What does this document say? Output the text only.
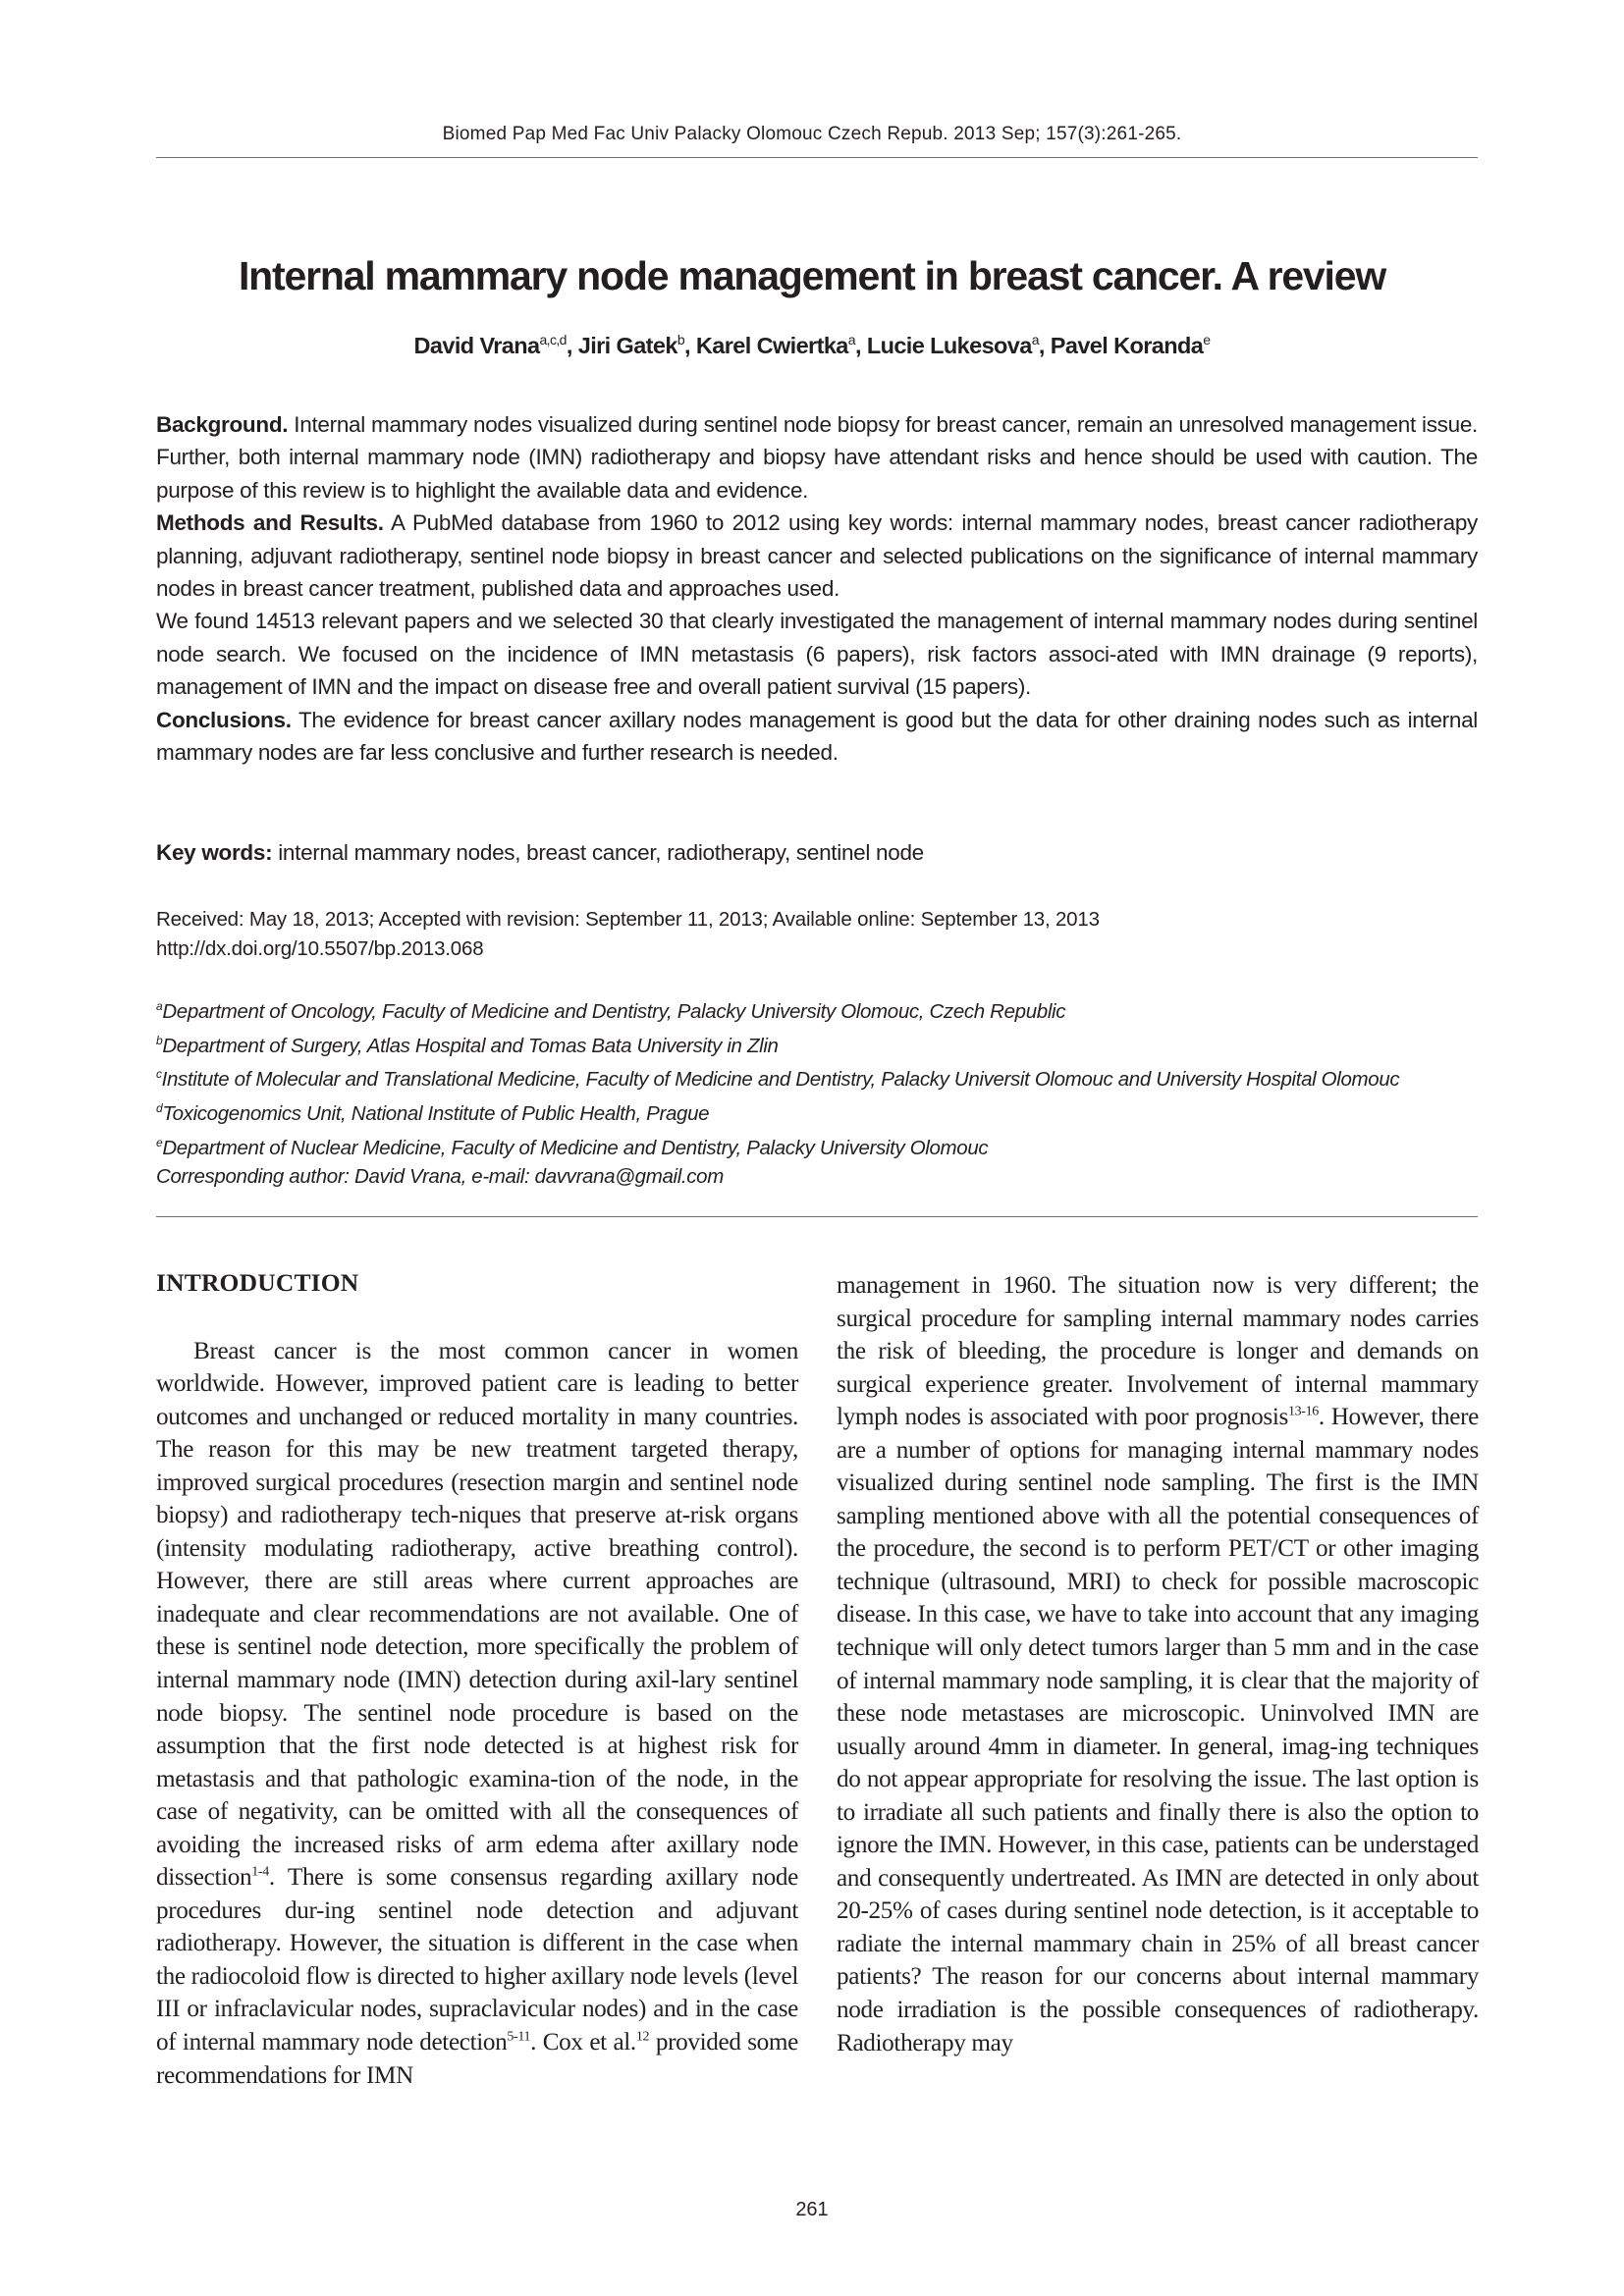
Biomed Pap Med Fac Univ Palacky Olomouc Czech Repub. 2013 Sep; 157(3):261-265.
Internal mammary node management in breast cancer. A review
David Vrana$^{a,c,d}$, Jiri Gatek$^b$, Karel Cwiertka$^a$, Lucie Lukesova$^a$, Pavel Koranda$^e$

Background. Internal mammary nodes visualized during sentinel node biopsy for breast cancer, remain an unresolved management issue. Further, both internal mammary node (IMN) radiotherapy and biopsy have attendant risks and hence should be used with caution. The purpose of this review is to highlight the available data and evidence.

Methods and Results. A PubMed database from 1960 to 2012 using key words: internal mammary nodes, breast cancer radiotherapy planning, adjuvant radiotherapy, sentinel node biopsy in breast cancer and selected publications on the significance of internal mammary nodes in breast cancer treatment, published data and approaches used.

We found 14513 relevant papers and we selected 30 that clearly investigated the management of internal mammary nodes during sentinel node search. We focused on the incidence of IMN metastasis (6 papers), risk factors associ-ated with IMN drainage (9 reports), management of IMN and the impact on disease free and overall patient survival (15 papers).

Conclusions. The evidence for breast cancer axillary nodes management is good but the data for other draining nodes such as internal mammary nodes are far less conclusive and further research is needed.

Key words: internal mammary nodes, breast cancer, radiotherapy, sentinel node
Received: May 18, 2013; Accepted with revision: September 11, 2013; Available online: September 13, 2013
http://dx.doi.org/10.5507/bp.2013.068
$^a$Department of Oncology, Faculty of Medicine and Dentistry, Palacky University Olomouc, Czech Republic
$^b$Department of Surgery, Atlas Hospital and Tomas Bata University in Zlin
$^c$Institute of Molecular and Translational Medicine, Faculty of Medicine and Dentistry, Palacky Universit Olomouc and University Hospital Olomouc
$^d$Toxicogenomics Unit, National Institute of Public Health, Prague
$^e$Department of Nuclear Medicine, Faculty of Medicine and Dentistry, Palacky University Olomouc
Corresponding author: David Vrana, e-mail: davvrana@gmail.com
INTRODUCTION

Breast cancer is the most common cancer in women worldwide. However, improved patient care is leading to better outcomes and unchanged or reduced mortality in many countries. The reason for this may be new treatment targeted therapy, improved surgical procedures (resection margin and sentinel node biopsy) and radiotherapy tech-niques that preserve at-risk organs (intensity modulating radiotherapy, active breathing control). However, there are still areas where current approaches are inadequate and clear recommendations are not available. One of these is sentinel node detection, more specifically the problem of internal mammary node (IMN) detection during axil-lary sentinel node biopsy. The sentinel node procedure is based on the assumption that the first node detected is at highest risk for metastasis and that pathologic examina-tion of the node, in the case of negativity, can be omitted with all the consequences of avoiding the increased risks of arm edema after axillary node dissection$^{1-4}$. There is some consensus regarding axillary node procedures dur-ing sentinel node detection and adjuvant radiotherapy. However, the situation is different in the case when the radiocoloid flow is directed to higher axillary node levels (level III or infraclavicular nodes, supraclavicular nodes) and in the case of internal mammary node detection$^{5-11}$. Cox et al.$^{12}$ provided some recommendations for IMN

management in 1960. The situation now is very different; the surgical procedure for sampling internal mammary nodes carries the risk of bleeding, the procedure is longer and demands on surgical experience greater. Involvement of internal mammary lymph nodes is associated with poor prognosis$^{13-16}$. However, there are a number of options for managing internal mammary nodes visualized during sentinel node sampling. The first is the IMN sampling mentioned above with all the potential consequences of the procedure, the second is to perform PET/CT or other imaging technique (ultrasound, MRI) to check for possible macroscopic disease. In this case, we have to take into account that any imaging technique will only detect tumors larger than 5 mm and in the case of internal mammary node sampling, it is clear that the majority of these node metastases are microscopic. Uninvolved IMN are usually around 4mm in diameter. In general, imag-ing techniques do not appear appropriate for resolving the issue. The last option is to irradiate all such patients and finally there is also the option to ignore the IMN. However, in this case, patients can be understaged and consequently undertreated. As IMN are detected in only about 20-25% of cases during sentinel node detection, is it acceptable to radiate the internal mammary chain in 25% of all breast cancer patients? The reason for our concerns about internal mammary node irradiation is the possible consequences of radiotherapy. Radiotherapy may

261
